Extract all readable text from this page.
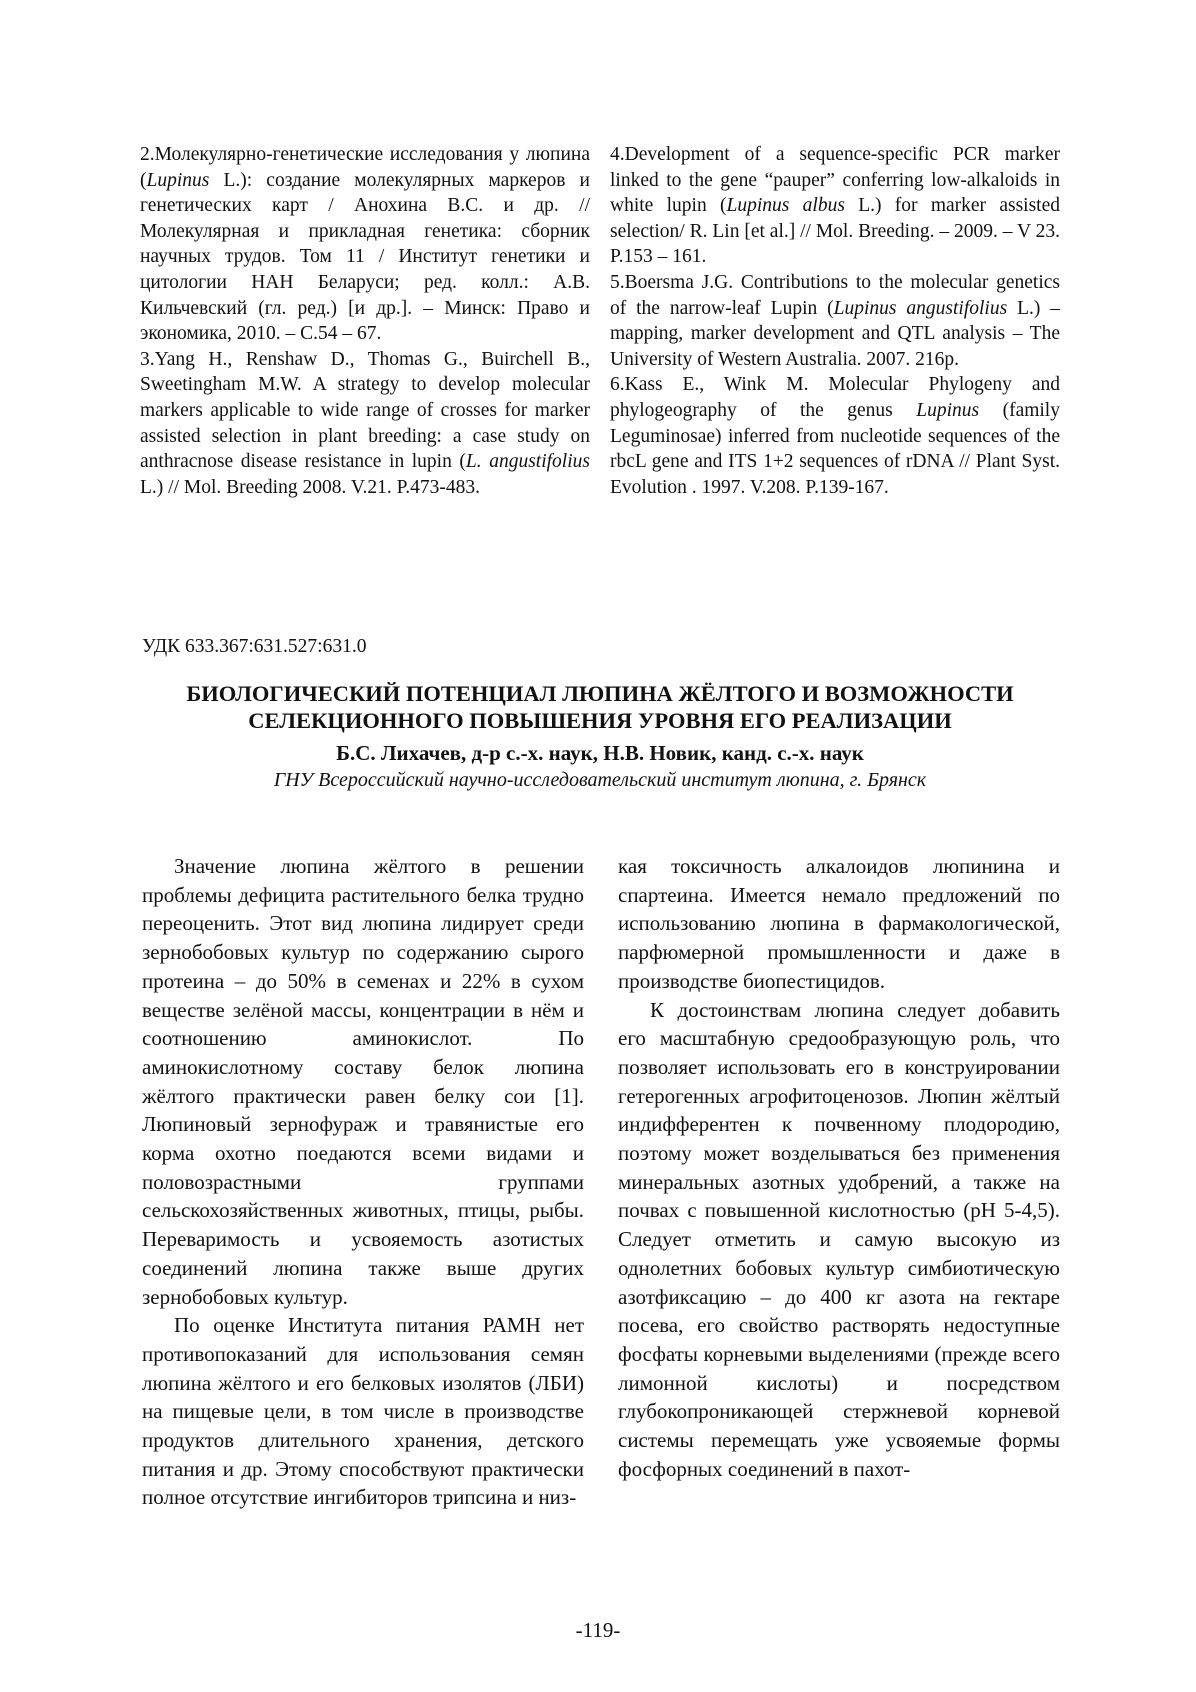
2.Молекулярно-генетические исследования у люпина (Lupinus L.): создание молекулярных маркеров и генетических карт / Анохина В.С. и др. // Молекулярная и прикладная генетика: сборник научных трудов. Том 11 / Институт генетики и цитологии НАН Беларуси; ред. колл.: А.В. Кильчевский (гл. ред.) [и др.]. – Минск: Право и экономика, 2010. – С.54 – 67.

3.Yang H., Renshaw D., Thomas G., Buirchell B., Sweetingham M.W. A strategy to develop molecular markers applicable to wide range of crosses for marker assisted selection in plant breeding: a case study on anthracnose disease resistance in lupin (L. angustifolius L.) // Mol. Breeding 2008. V.21. P.473-483.

4.Development of a sequence-specific PCR marker linked to the gene “pauper” conferring low-alkaloids in white lupin (Lupinus albus L.) for marker assisted selection/ R. Lin [et al.] // Mol. Breeding. – 2009. – V 23. P.153 – 161.

5.Boersma J.G. Contributions to the molecular genetics of the narrow-leaf Lupin (Lupinus angustifolius L.) – mapping, marker development and QTL analysis – The University of Western Australia. 2007. 216p.

6.Kass E., Wink M. Molecular Phylogeny and phylogeography of the genus Lupinus (family Leguminosae) inferred from nucleotide sequences of the rbcL gene and ITS 1+2 sequences of rDNA // Plant Syst. Evolution . 1997. V.208. P.139-167.

УДК 633.367:631.527:631.0

БИОЛОГИЧЕСКИЙ ПОТЕНЦИАЛ ЛЮПИНА ЖЁЛТОГО И ВОЗМОЖНОСТИ СЕЛЕКЦИОННОГО ПОВЫШЕНИЯ УРОВНЯ ЕГО РЕАЛИЗАЦИИ

Б.С. Лихачев, д-р с.-х. наук, Н.В. Новик, канд. с.-х. наук

ГНУ Всероссийский научно-исследовательский институт люпина, г. Брянск

Значение люпина жёлтого в решении проблемы дефицита растительного белка трудно переоценить. Этот вид люпина лидирует среди зернобобовых культур по содержанию сырого протеина – до 50% в семенах и 22% в сухом веществе зелёной массы, концентрации в нём и соотношению аминокислот. По аминокислотному составу белок люпина жёлтого практически равен белку сои [1]. Люпиновый зернофураж и травянистые его корма охотно поедаются всеми видами и половозрастными группами сельскохозяйственных животных, птицы, рыбы. Переваримость и усвояемость азотистых соединений люпина также выше других зернобобовых культур.

По оценке Института питания РАМН нет противопоказаний для использования семян люпина жёлтого и его белковых изолятов (ЛБИ) на пищевые цели, в том числе в производстве продуктов длительного хранения, детского питания и др. Этому способствуют практически полное отсутствие ингибиторов трипсина и низ-

кая токсичность алкалоидов люпинина и спартеина. Имеется немало предложений по использованию люпина в фармакологической, парфюмерной промышленности и даже в производстве биопестицидов.

К достоинствам люпина следует добавить его масштабную средообразующую роль, что позволяет использовать его в конструировании гетерогенных агрофитоценозов. Люпин жёлтый индифферентен к почвенному плодородию, поэтому может возделываться без применения минеральных азотных удобрений, а также на почвах с повышенной кислотностью (pH 5-4,5). Следует отметить и самую высокую из однолетних бобовых культур симбиотическую азотфиксацию – до 400 кг азота на гектаре посева, его свойство растворять недоступные фосфаты корневыми выделениями (прежде всего лимонной кислоты) и посредством глубокопроникающей стержневой корневой системы перемещать уже усвояемые формы фосфорных соединений в пахот-

-119-
